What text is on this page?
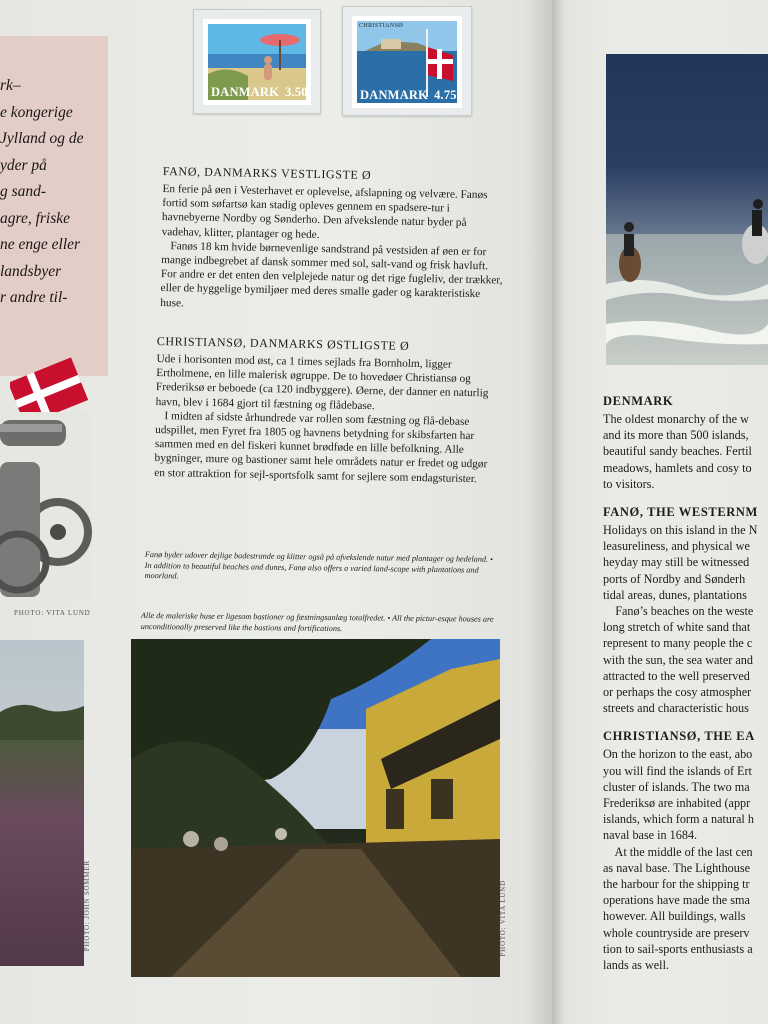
rk–
e kongerige
Jylland og de
yder på
g sand-
agre, friske
ne enge eller
landsbyer
r andre til-

PHOTO: VITA LUND
PHOTO: JOHN SOMMER
DANMARK 3.50
CHRISTIANSØ
DANMARK 4.75
FANØ, DANMARKS VESTLIGSTE Ø

En ferie på øen i Vesterhavet er oplevelse, afslapning og velvære. Fanøs fortid som søfartsø kan stadig opleves gennem en spadsere-tur i havnebyerne Nordby og Sønderho. Den afvekslende natur byder på vadehav, klitter, plantager og hede.

Fanøs 18 km hvide børnevenlige sandstrand på vestsiden af øen er for mange indbegrebet af dansk sommer med sol, salt-vand og frisk havluft. For andre er det enten den velplejede natur og det rige fugleliv, der trækker, eller de hyggelige bymiljøer med deres smalle gader og karakteristiske huse.

CHRISTIANSØ, DANMARKS ØSTLIGSTE Ø

Ude i horisonten mod øst, ca 1 times sejlads fra Bornholm, ligger Ertholmene, en lille malerisk øgruppe. De to hovedøer Christiansø og Frederiksø er beboede (ca 120 indbyggere). Øerne, der danner en naturlig havn, blev i 1684 gjort til fæstning og flådebase.

I midten af sidste århundrede var rollen som fæstning og flå-debase udspillet, men Fyret fra 1805 og havnens betydning for skibsfarten har sammen med en del fiskeri kunnet brødføde en lille befolkning. Alle bygninger, mure og bastioner samt hele områdets natur er fredet og udgør en stor attraktion for sejl-sportsfolk samt for sejlere som endagsturister.

Fanø byder udover dejlige badestrande og klitter også på afvekslende natur med plantager og hedeland. • In addition to beautiful beaches and dunes, Fanø also offers a varied land-scape with plantations and moorland.
Alle de maleriske huse er ligesom bastioner og fæstningsanlæg totalfredet. • All the pictur-esque houses are unconditionally preserved like the bastions and fortifications.
PHOTO: VITA LUND
DENMARK
The oldest monarchy of the w
and its more than 500 islands,
beautiful sandy beaches. Fertil
meadows, hamlets and cosy to
to visitors.
FANØ, THE WESTERNM
Holidays on this island in the N
leasureliness, and physical we
heyday may still be witnessed
ports of Nordby and Sønderh
tidal areas, dunes, plantations
Fanø’s beaches on the weste
long stretch of white sand that
represent to many people the c
with the sun, the sea water and
attracted to the well preserved
or perhaps the cosy atmospher
streets and characteristic hous
CHRISTIANSØ, THE EA
On the horizon to the east, abo
you will find the islands of Ert
cluster of islands. The two ma
Frederiksø are inhabited (appr
islands, which form a natural h
naval base in 1684.
At the middle of the last cen
as naval base. The Lighthouse
the harbour for the shipping tr
operations have made the sma
however. All buildings, walls
whole countryside are preserv
tion to sail-sports enthusiasts a
lands as well.
